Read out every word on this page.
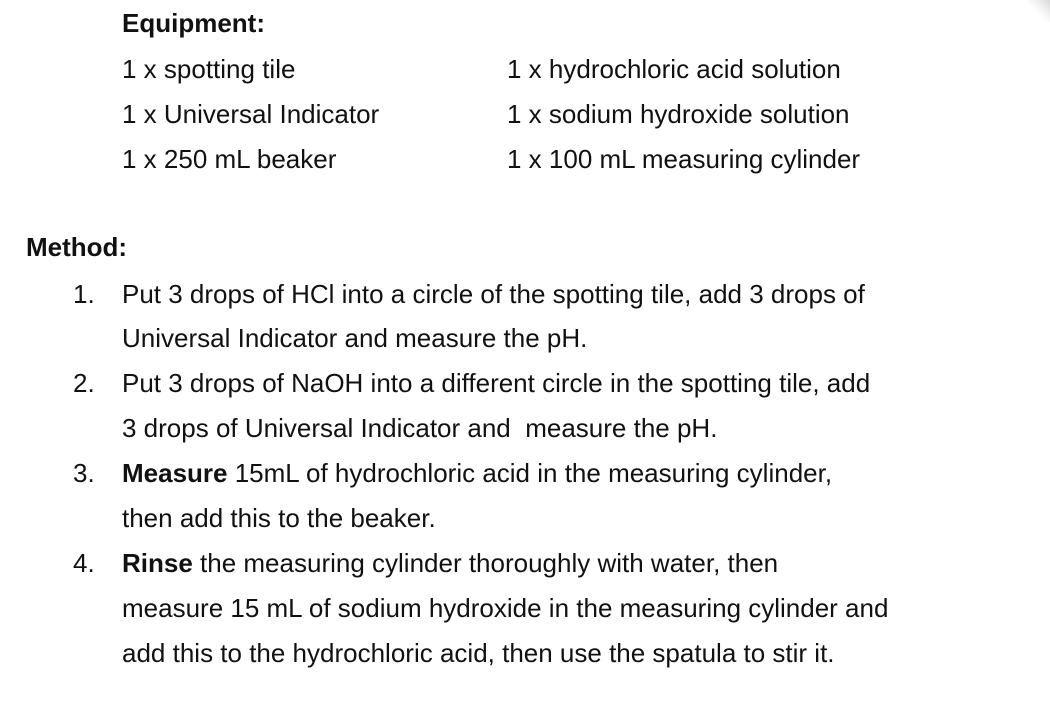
Equipment:
1 x spotting tile
1 x Universal Indicator
1 x 250 mL beaker
1 x hydrochloric acid solution
1 x sodium hydroxide solution
1 x 100 mL measuring cylinder
Method:
1. Put 3 drops of HCl into a circle of the spotting tile, add 3 drops of
Universal Indicator and measure the pH.
2. Put 3 drops of NaOH into a different circle in the spotting tile, add
3 drops of Universal Indicator and  measure the pH.
3. Measure 15mL of hydrochloric acid in the measuring cylinder,
then add this to the beaker.
4. Rinse the measuring cylinder thoroughly with water, then
measure 15 mL of sodium hydroxide in the measuring cylinder and
add this to the hydrochloric acid, then use the spatula to stir it.
